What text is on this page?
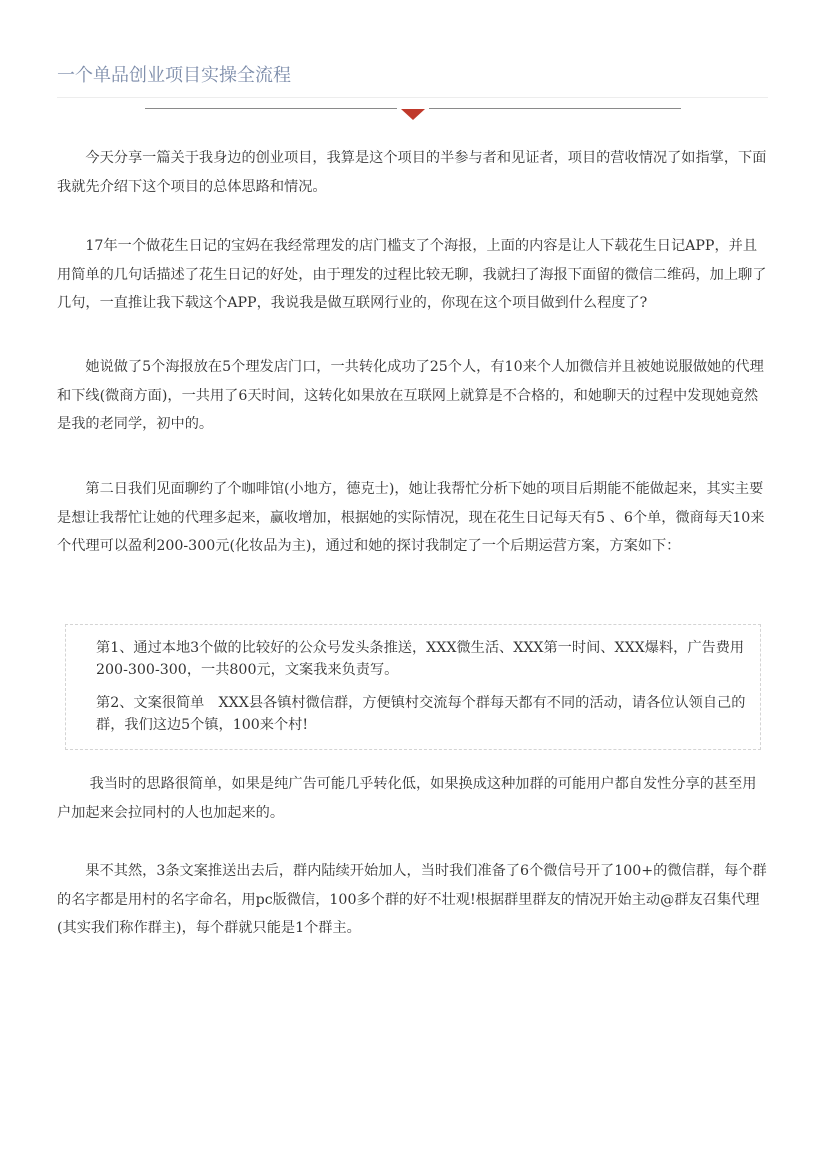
一个单品创业项目实操全流程

今天分享一篇关于我身边的创业项目，我算是这个项目的半参与者和见证者，项目的营收情况了如指掌，下面我就先介绍下这个项目的总体思路和情况。

17年一个做花生日记的宝妈在我经常理发的店门槛支了个海报，上面的内容是让人下载花生日记APP，并且用简单的几句话描述了花生日记的好处，由于理发的过程比较无聊，我就扫了海报下面留的微信二维码，加上聊了几句，一直推让我下载这个APP，我说我是做互联网行业的，你现在这个项目做到什么程度了?

她说做了5个海报放在5个理发店门口，一共转化成功了25个人，有10来个人加微信并且被她说服做她的代理和下线(微商方面)，一共用了6天时间，这转化如果放在互联网上就算是不合格的，和她聊天的过程中发现她竟然是我的老同学，初中的。

第二日我们见面聊约了个咖啡馆(小地方，德克士)，她让我帮忙分析下她的项目后期能不能做起来，其实主要是想让我帮忙让她的代理多起来，赢收增加，根据她的实际情况，现在花生日记每天有5 、6个单，微商每天10来个代理可以盈利200-300元(化妆品为主)，通过和她的探讨我制定了一个后期运营方案，方案如下：

第1、通过本地3个做的比较好的公众号发头条推送，XXX微生活、XXX第一时间、XXX爆料，广告费用200-300-300，一共800元，文案我来负责写。

第2、文案很简单　XXX县各镇村微信群，方便镇村交流每个群每天都有不同的活动，请各位认领自己的群，我们这边5个镇，100来个村!

我当时的思路很简单，如果是纯广告可能几乎转化低，如果换成这种加群的可能用户都自发性分享的甚至用户加起来会拉同村的人也加起来的。

果不其然，3条文案推送出去后，群内陆续开始加人，当时我们准备了6个微信号开了100+的微信群，每个群的名字都是用村的名字命名，用pc版微信，100多个群的好不壮观!根据群里群友的情况开始主动@群友召集代理(其实我们称作群主)，每个群就只能是1个群主。
